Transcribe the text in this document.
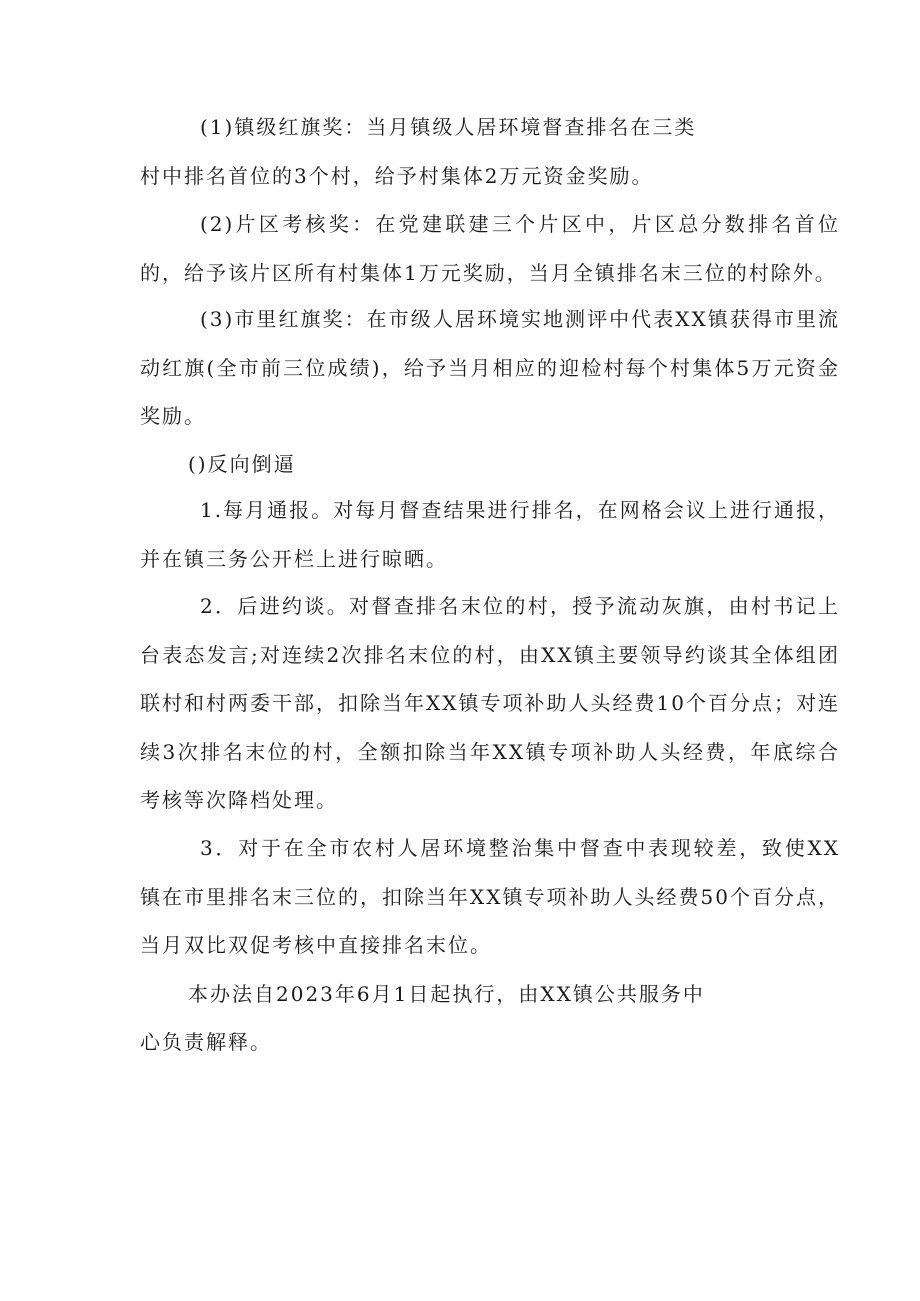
(1)镇级红旗奖：当月镇级人居环境督查排名在三类

村中排名首位的3个村，给予村集体2万元资金奖励。

(2)片区考核奖：在党建联建三个片区中，片区总分数排名首位的，给予该片区所有村集体1万元奖励，当月全镇排名末三位的村除外。

(3)市里红旗奖：在市级人居环境实地测评中代表XX镇获得市里流动红旗(全市前三位成绩)，给予当月相应的迎检村每个村集体5万元资金奖励。

()反向倒逼

1.每月通报。对每月督查结果进行排名，在网格会议上进行通报，并在镇三务公开栏上进行晾晒。

2．后进约谈。对督查排名末位的村，授予流动灰旗，由村书记上台表态发言;对连续2次排名末位的村，由XX镇主要领导约谈其全体组团联村和村两委干部，扣除当年XX镇专项补助人头经费10个百分点；对连续3次排名末位的村，全额扣除当年XX镇专项补助人头经费，年底综合考核等次降档处理。

3．对于在全市农村人居环境整治集中督查中表现较差，致使XX镇在市里排名末三位的，扣除当年XX镇专项补助人头经费50个百分点，当月双比双促考核中直接排名末位。

本办法自2023年6月1日起执行，由XX镇公共服务中

心负责解释。
